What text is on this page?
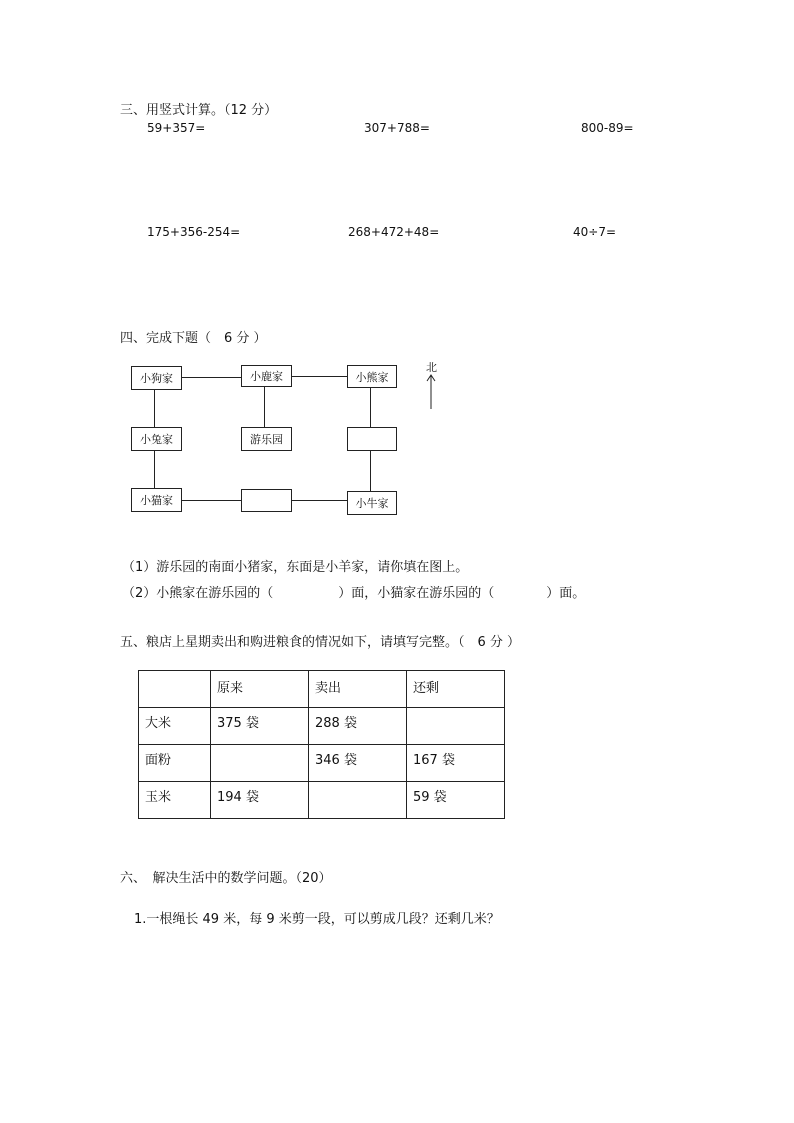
三、用竖式计算。（12 分）
59+357=	307+788=	800-89=
175+356-254=	268+472+48=	40÷7=
四、完成下题（　6 分 ）
小狗家	小鹿家	小熊家
小兔家	游乐园
小猫家	小牛家
北
（1）游乐园的南面小猪家，东面是小羊家，请你填在图上。
（2）小熊家在游乐园的（　　　　　）面，小猫家在游乐园的（　　　　）面。
五、粮店上星期卖出和购进粮食的情况如下，请填写完整。（　6 分 ）
	原来	卖出	还剩
大米	375 袋	288 袋	
面粉		346 袋	167 袋
玉米	194 袋		59 袋
六、　解决生活中的数学问题。（20）
1.一根绳长 49 米，每 9 米剪一段，可以剪成几段？还剩几米？
